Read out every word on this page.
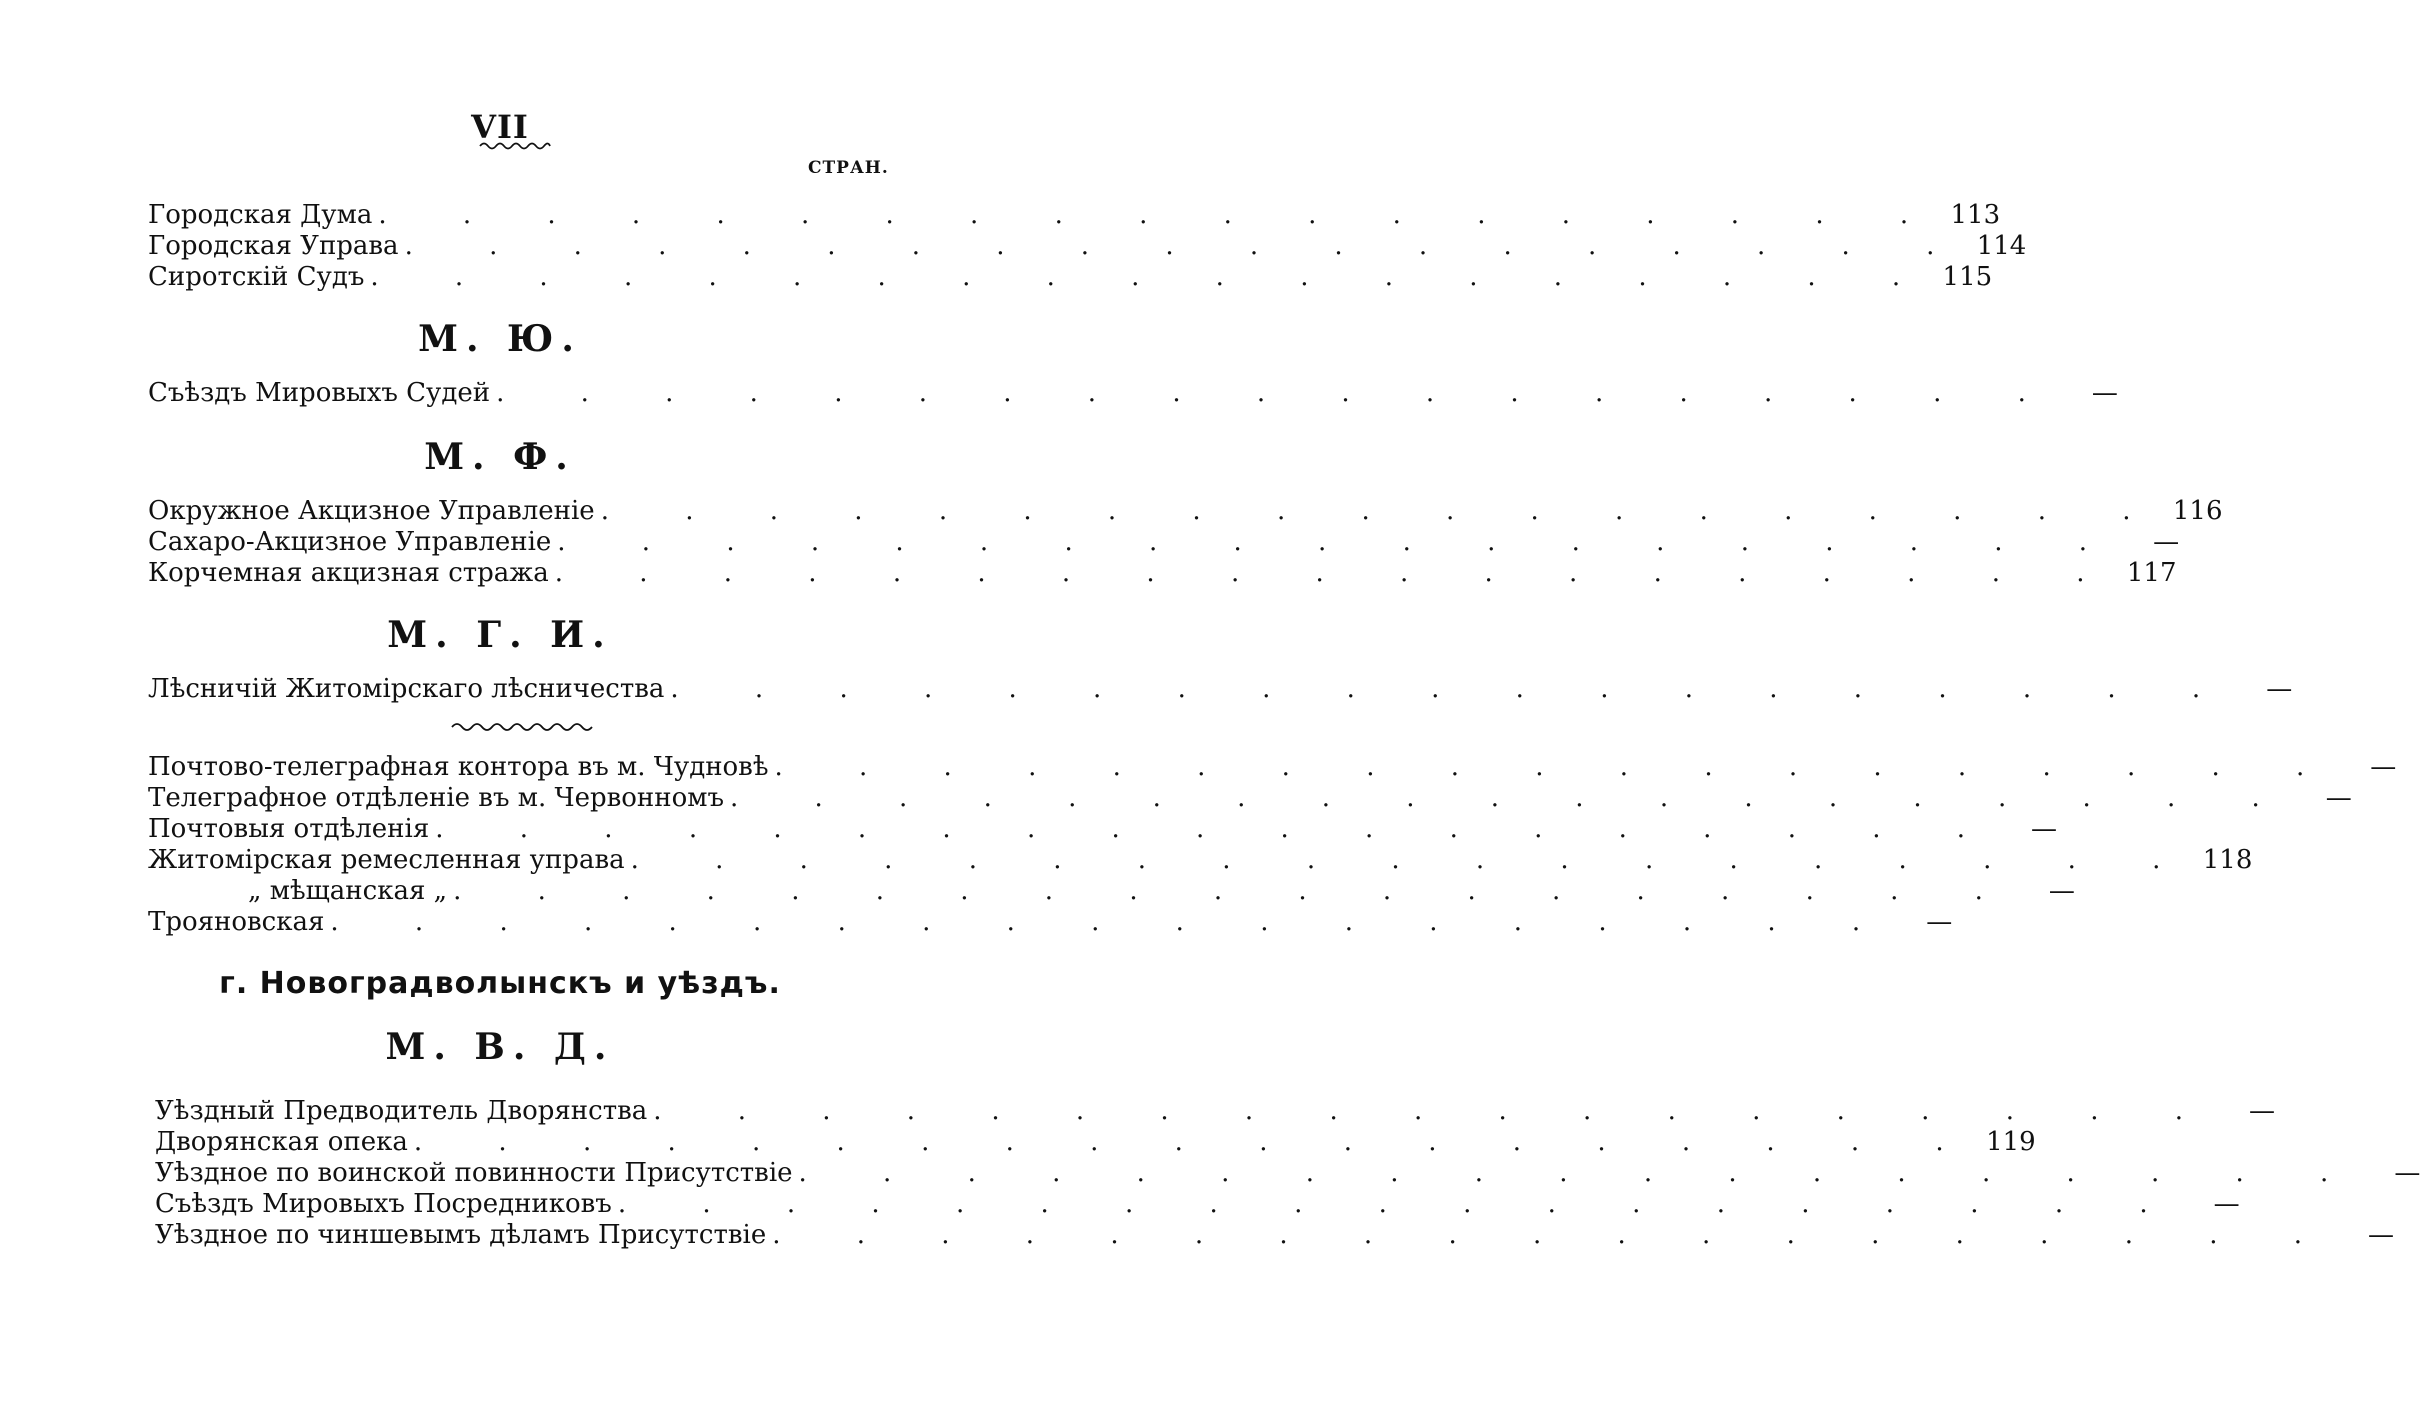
VII
СТРАН.
Городская Дума . . . . . . . . . . . . . . . . . . . 113
Городская Управа . . . . . . . . . . . . . . . . . . . 114
Сиротскій Судъ . . . . . . . . . . . . . . . . . . . 115
М. Ю.
Съѣздъ Мировыхъ Судей . . . . . . . . . . . . . . . . . . .	—
М. Ф.
Окружное Акцизное Управленіе . . . . . . . . . . . . . . . . . . . 116
Сахаро-Акцизное Управленіе . . . . . . . . . . . . . . . . . . .	—
Корчемная акцизная стража . . . . . . . . . . . . . . . . . . . 117
М. Г. И.
Лѣсничій Житомірскаго лѣсничества . . . . . . . . . . . . . . . . . . .	—
Почтово-телеграфная контора въ м. Чудновѣ . . . . . . . . . . . . . . . . . . .	—
Телеграфное отдѣленіе въ м. Червонномъ . . . . . . . . . . . . . . . . . . .	—
Почтовыя отдѣленія . . . . . . . . . . . . . . . . . . .	—
Житомірская ремесленная управа . . . . . . . . . . . . . . . . . . . 118
„ мѣщанская „ . . . . . . . . . . . . . . . . . . .	—
Трояновская . . . . . . . . . . . . . . . . . . .	—
г. Новоградволынскъ и уѣздъ.
М. В. Д.
Уѣздный Предводитель Дворянства . . . . . . . . . . . . . . . . . . .	—
Дворянская опека . . . . . . . . . . . . . . . . . . . 119
Уѣздное по воинской повинности Присутствіе . . . . . . . . . . . . . . . . . . .	—
Съѣздъ Мировыхъ Посредниковъ . . . . . . . . . . . . . . . . . . .	—
Уѣздное по чиншевымъ дѣламъ Присутствіе . . . . . . . . . . . . . . . . . . .	—
